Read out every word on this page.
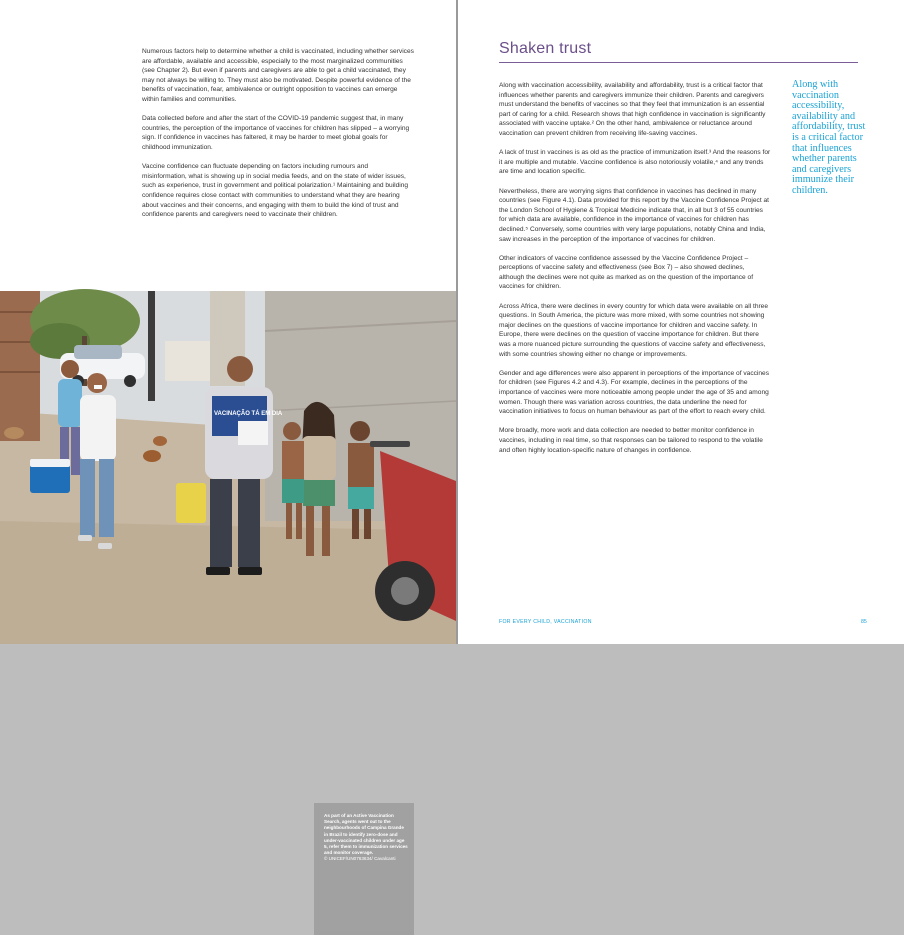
Numerous factors help to determine whether a child is vaccinated, including whether services are affordable, available and accessible, especially to the most marginalized communities (see Chapter 2). But even if parents and caregivers are able to get a child vaccinated, they may not always be willing to. They must also be motivated. Despite powerful evidence of the benefits of vaccination, fear, ambivalence or outright opposition to vaccines can emerge within families and communities.

Data collected before and after the start of the COVID-19 pandemic suggest that, in many countries, the perception of the importance of vaccines for children has slipped – a worrying sign. If confidence in vaccines has faltered, it may be harder to meet global goals for childhood immunization.

Vaccine confidence can fluctuate depending on factors including rumours and misinformation, what is showing up in social media feeds, and on the state of wider issues, such as experience, trust in government and political polarization.¹ Maintaining and building confidence requires close contact with communities to understand what they are hearing about vaccines and their concerns, and engaging with them to build the kind of trust and confidence parents and caregivers need to vaccinate their children.

VACINAÇÃO TÁ EM DIA
As part of an Active Vaccination Search, agents went out to the neighbourhoods of Campina Grande in Brazil to identify zero-dose and under-vaccinated children under age 5, refer them to immunization services and monitor coverage.
© UNICEF/UN0763634/ Cavalcanti
Shaken trust

Along with vaccination accessibility, availability and affordability, trust is a critical factor that influences whether parents and caregivers immunize their children. Parents and caregivers must understand the benefits of vaccines so that they feel that immunization is an essential part of caring for a child. Research shows that high confidence in vaccination is significantly associated with vaccine uptake.² On the other hand, ambivalence or reluctance around vaccination can prevent children from receiving life-saving vaccines.

A lack of trust in vaccines is as old as the practice of immunization itself.³ And the reasons for it are multiple and mutable. Vaccine confidence is also notoriously volatile,⁴ and any trends are time and location specific.

Nevertheless, there are worrying signs that confidence in vaccines has declined in many countries (see Figure 4.1). Data provided for this report by the Vaccine Confidence Project at the London School of Hygiene & Tropical Medicine indicate that, in all but 3 of 55 countries for which data are available, confidence in the importance of vaccines for children has declined.⁵ Conversely, some countries with very large populations, notably China and India, saw increases in the perception of the importance of vaccines for children.

Other indicators of vaccine confidence assessed by the Vaccine Confidence Project – perceptions of vaccine safety and effectiveness (see Box 7) – also showed declines, although the declines were not quite as marked as on the question of the importance of vaccines for children.

Across Africa, there were declines in every country for which data were available on all three questions. In South America, the picture was more mixed, with some countries not showing major declines on the questions of vaccine importance for children and vaccine safety. In Europe, there were declines on the question of vaccine importance for children. But there was a more nuanced picture surrounding the questions of vaccine safety and effectiveness, with some countries showing either no change or improvements.

Gender and age differences were also apparent in perceptions of the importance of vaccines for children (see Figures 4.2 and 4.3). For example, declines in the perceptions of the importance of vaccines were more noticeable among people under the age of 35 and among women. Though there was variation across countries, the data underline the need for vaccination initiatives to focus on human behaviour as part of the effort to reach every child.

More broadly, more work and data collection are needed to better monitor confidence in vaccines, including in real time, so that responses can be tailored to respond to the volatile and often highly location-specific nature of changes in confidence.

Along with vaccination accessibility, availability and affordability, trust is a critical factor that influences whether parents and caregivers immunize their children.
FOR EVERY CHILD, VACCINATION	85
